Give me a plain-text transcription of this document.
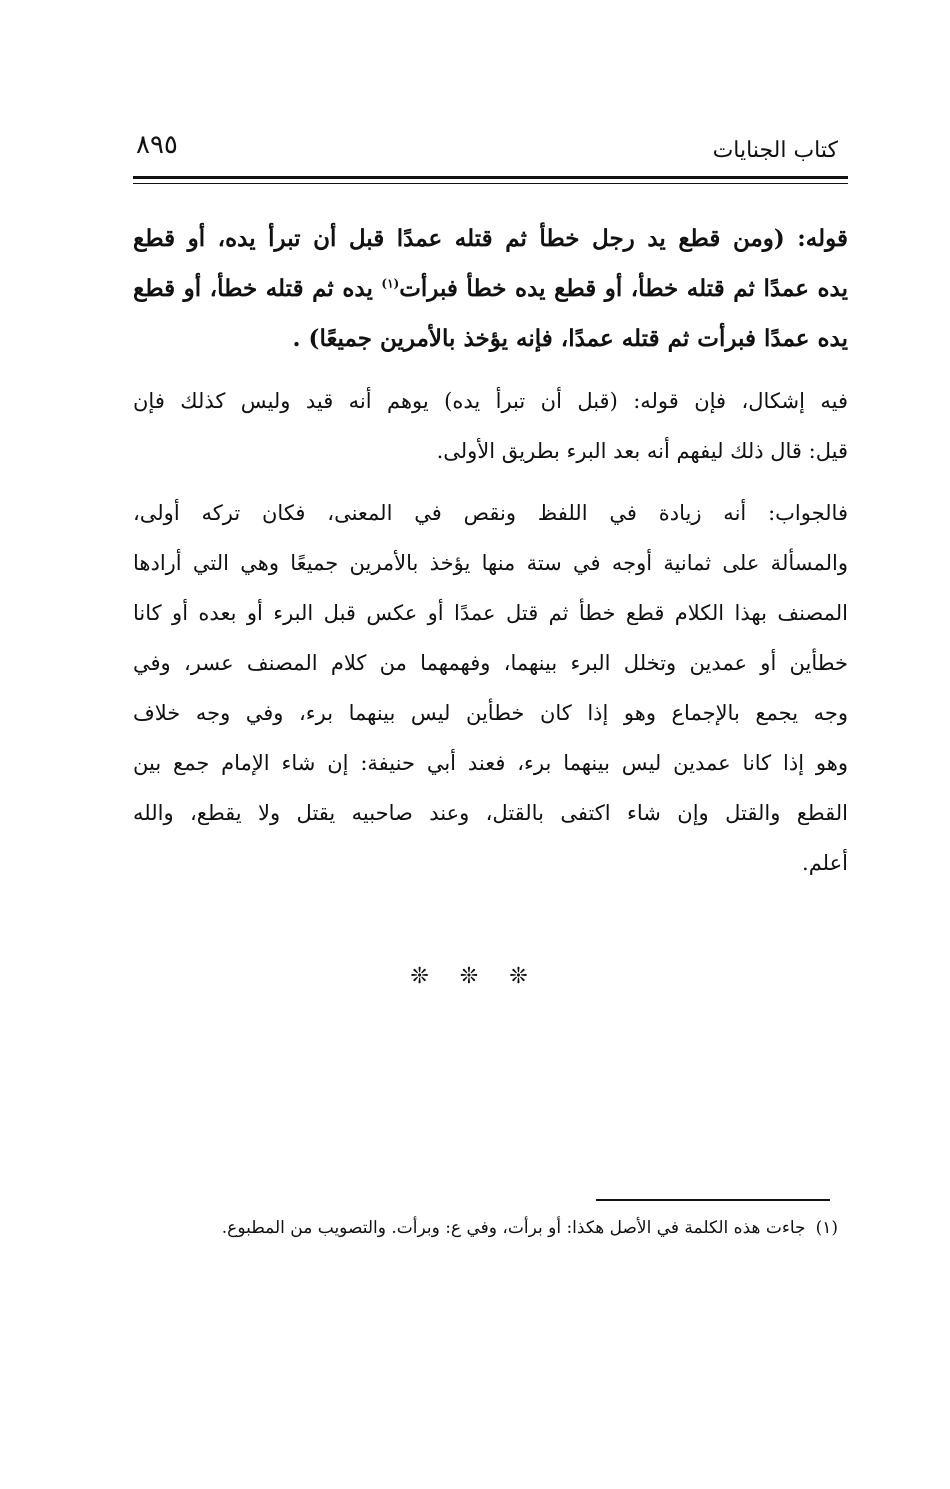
كتاب الجنايات
٨٩٥
قوله: (ومن قطع يد رجل خطأ ثم قتله عمدًا قبل أن تبرأ يده، أو قطع
يده عمدًا ثم قتله خطأ، أو قطع يده خطأ فبرأت$^{(١)}$ يده ثم قتله خطأ، أو قطع
يده عمدًا فبرأت ثم قتله عمدًا، فإنه يؤخذ بالأمرين جميعًا) .
فيه إشكال، فإن قوله: (قبل أن تبرأ يده) يوهم أنه قيد وليس كذلك فإن
قيل: قال ذلك ليفهم أنه بعد البرء بطريق الأولى.
فالجواب: أنه زيادة في اللفظ ونقص في المعنى، فكان تركه أولى،
والمسألة على ثمانية أوجه في ستة منها يؤخذ بالأمرين جميعًا وهي التي أرادها
المصنف بهذا الكلام قطع خطأ ثم قتل عمدًا أو عكس قبل البرء أو بعده أو كانا
خطأين أو عمدين وتخلل البرء بينهما، وفهمهما من كلام المصنف عسر، وفي
وجه يجمع بالإجماع وهو إذا كان خطأين ليس بينهما برء، وفي وجه خلاف
وهو إذا كانا عمدين ليس بينهما برء، فعند أبي حنيفة: إن شاء الإمام جمع بين
القطع والقتل وإن شاء اكتفى بالقتل، وعند صاحبيه يقتل ولا يقطع، والله
أعلم.
❊ ❊ ❊
(١)جاءت هذه الكلمة في الأصل هكذا: أو برأت، وفي ع: وبرأت. والتصويب من المطبوع.
